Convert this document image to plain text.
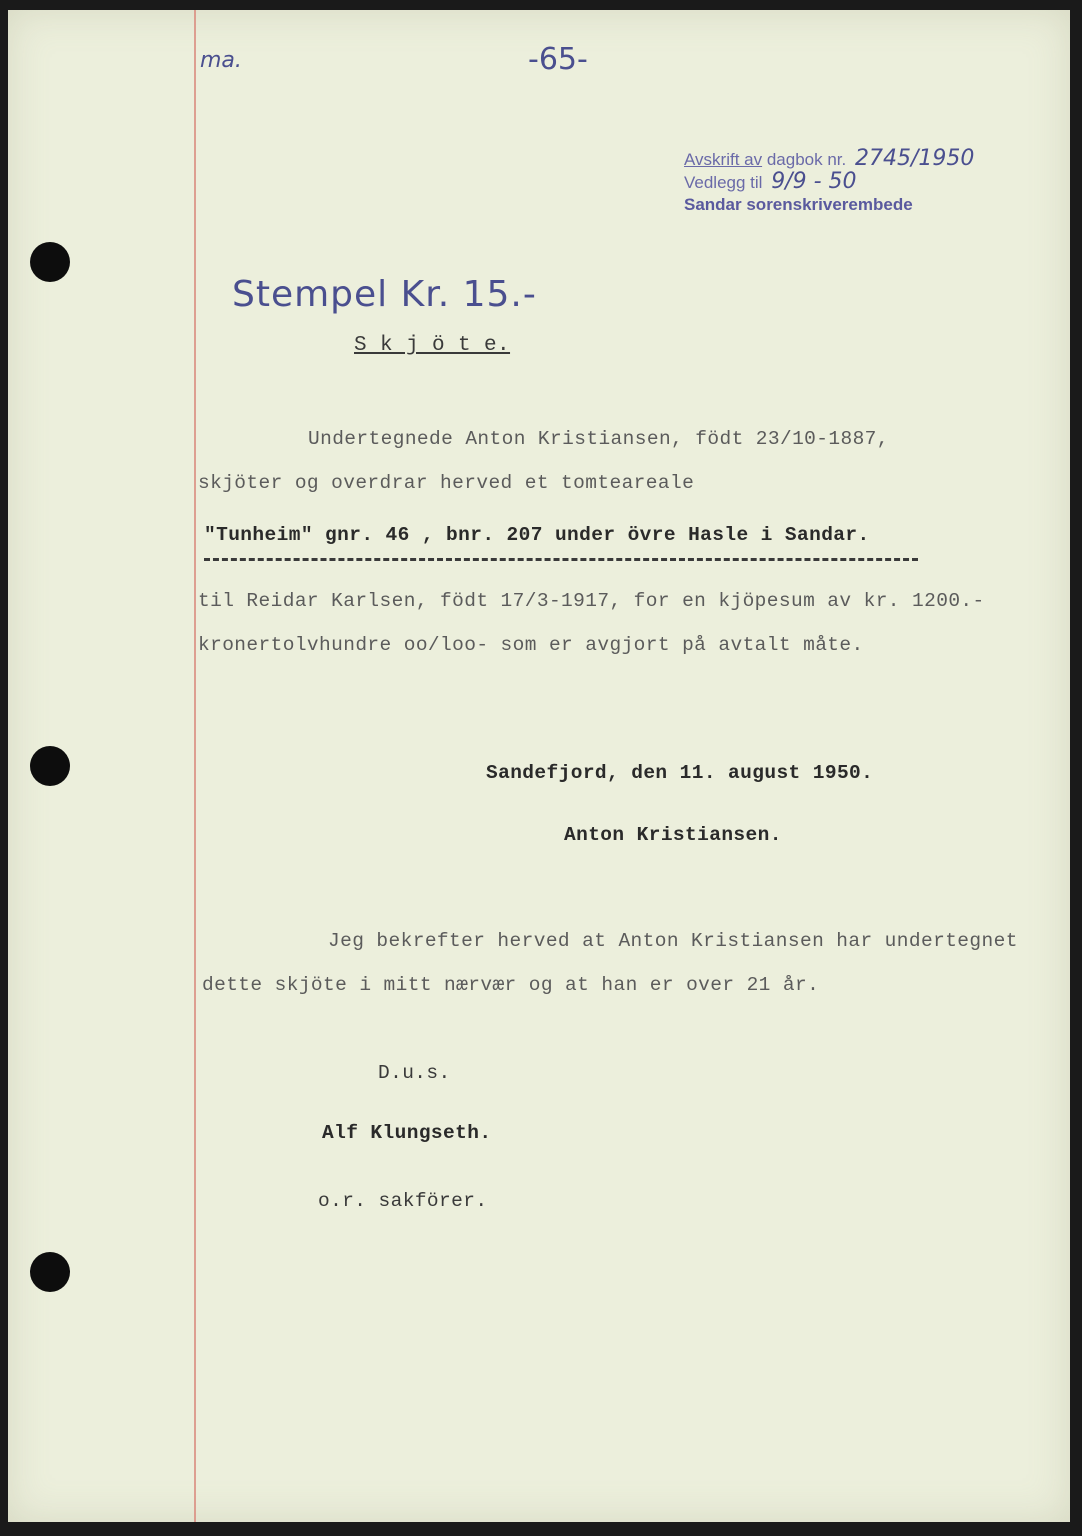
ma.	-65-
Avskrift av dagbok nr. 2745/1950
Vedlegg til 9/9 - 50
Sandar sorenskriverembede
Stempel Kr. 15.-
S k j ö t e.
Undertegnede Anton Kristiansen, födt 23/10-1887,
skjöter og overdrar herved et tomteareale
"Tunheim" gnr. 46 , bnr. 207 under övre Hasle i Sandar.
til Reidar Karlsen, födt 17/3-1917, for en kjöpesum av kr. 1200.-
kronertolvhundre oo/loo- som er avgjort på avtalt måte.
Sandefjord, den 11. august 1950.
Anton Kristiansen.
Jeg bekrefter herved at Anton Kristiansen har undertegnet
dette skjöte i mitt nærvær og at han er over 21 år.
D.u.s.
Alf Klungseth.
o.r. sakförer.
